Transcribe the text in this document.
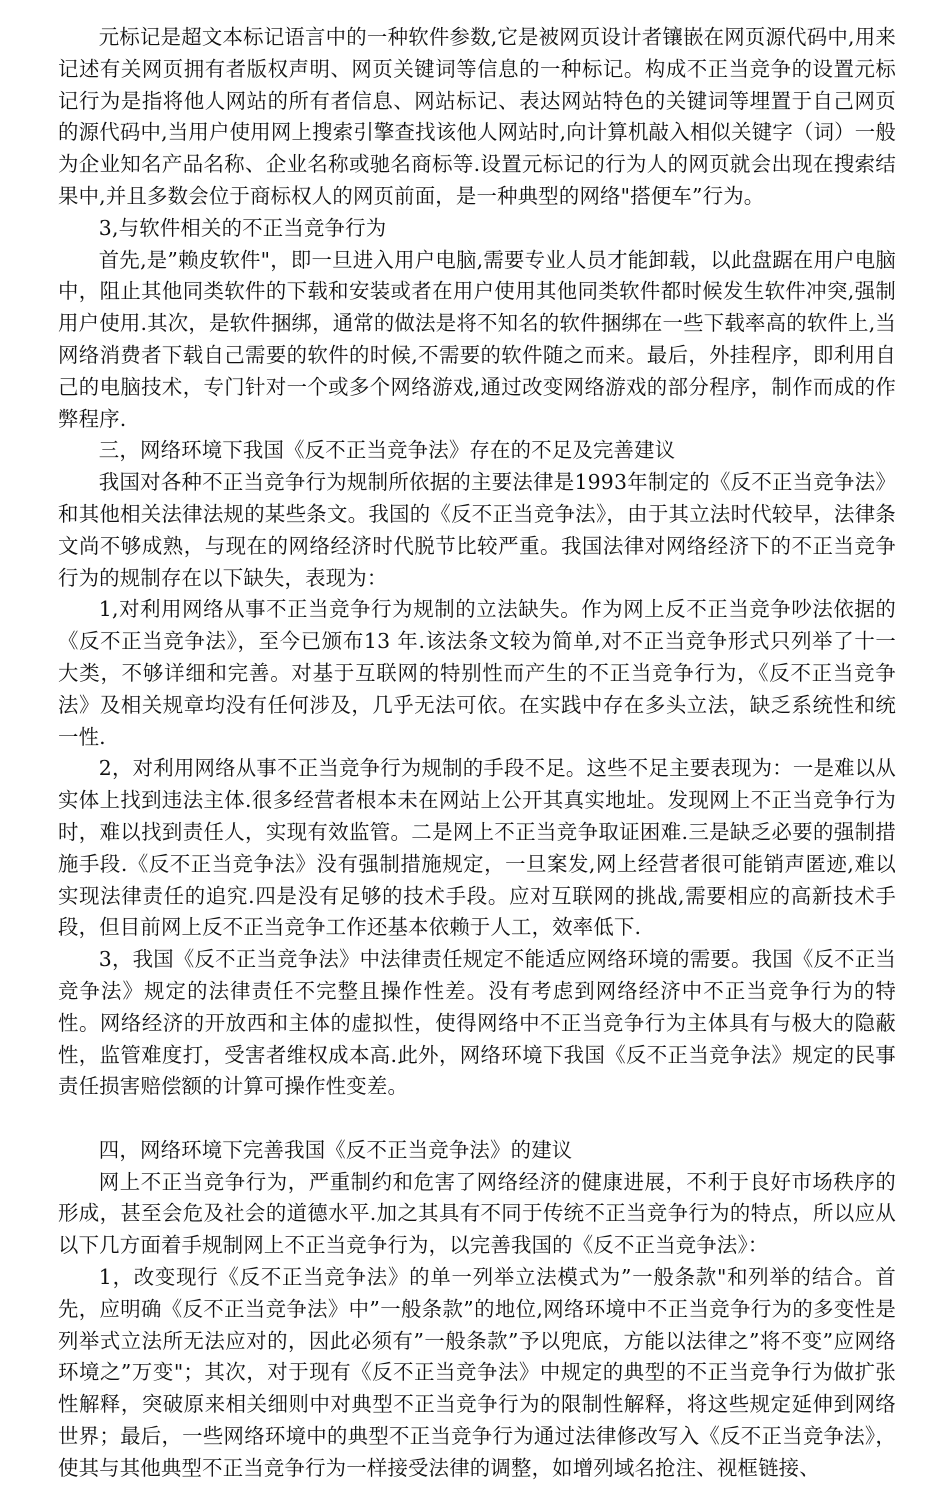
元标记是超文本标记语言中的一种软件参数,它是被网页设计者镶嵌在网页源代码中,用来记述有关网页拥有者版权声明、网页关键词等信息的一种标记。构成不正当竞争的设置元标记行为是指将他人网站的所有者信息、网站标记、表达网站特色的关键词等埋置于自己网页的源代码中,当用户使用网上搜索引擎查找该他人网站时,向计算机敲入相似关键字（词）一般为企业知名产品名称、企业名称或驰名商标等.设置元标记的行为人的网页就会出现在搜索结果中,并且多数会位于商标权人的网页前面，是一种典型的网络"搭便车”行为。

3,与软件相关的不正当竞争行为

首先,是”赖皮软件"，即一旦进入用户电脑,需要专业人员才能卸载，以此盘踞在用户电脑中，阻止其他同类软件的下载和安装或者在用户使用其他同类软件都时候发生软件冲突,强制用户使用.其次，是软件捆绑，通常的做法是将不知名的软件捆绑在一些下载率高的软件上,当网络消费者下载自己需要的软件的时候,不需要的软件随之而来。最后，外挂程序，即利用自己的电脑技术，专门针对一个或多个网络游戏,通过改变网络游戏的部分程序，制作而成的作弊程序.

三，网络环境下我国《反不正当竞争法》存在的不足及完善建议

我国对各种不正当竞争行为规制所依据的主要法律是1993年制定的《反不正当竞争法》和其他相关法律法规的某些条文。我国的《反不正当竞争法》，由于其立法时代较早，法律条文尚不够成熟，与现在的网络经济时代脱节比较严重。我国法律对网络经济下的不正当竞争行为的规制存在以下缺失，表现为：

1,对利用网络从事不正当竞争行为规制的立法缺失。作为网上反不正当竞争吵法依据的《反不正当竞争法》，至今已颁布13 年.该法条文较为简单,对不正当竞争形式只列举了十一大类，不够详细和完善。对基于互联网的特别性而产生的不正当竞争行为，《反不正当竞争法》及相关规章均没有任何涉及，几乎无法可依。在实践中存在多头立法，缺乏系统性和统一性.

2，对利用网络从事不正当竞争行为规制的手段不足。这些不足主要表现为：一是难以从实体上找到违法主体.很多经营者根本未在网站上公开其真实地址。发现网上不正当竞争行为时，难以找到责任人，实现有效监管。二是网上不正当竞争取证困难.三是缺乏必要的强制措施手段.《反不正当竞争法》没有强制措施规定，一旦案发,网上经营者很可能销声匿迹,难以实现法律责任的追究.四是没有足够的技术手段。应对互联网的挑战,需要相应的高新技术手段，但目前网上反不正当竞争工作还基本依赖于人工，效率低下.

3，我国《反不正当竞争法》中法律责任规定不能适应网络环境的需要。我国《反不正当竞争法》规定的法律责任不完整且操作性差。没有考虑到网络经济中不正当竞争行为的特性。网络经济的开放西和主体的虚拟性，使得网络中不正当竞争行为主体具有与极大的隐蔽性，监管难度打，受害者维权成本高.此外，网络环境下我国《反不正当竞争法》规定的民事责任损害赔偿额的计算可操作性变差。

四，网络环境下完善我国《反不正当竞争法》的建议

网上不正当竞争行为，严重制约和危害了网络经济的健康进展，不利于良好市场秩序的形成，甚至会危及社会的道德水平.加之其具有不同于传统不正当竞争行为的特点，所以应从以下几方面着手规制网上不正当竞争行为，以完善我国的《反不正当竞争法》：

1，改变现行《反不正当竞争法》的单一列举立法模式为”一般条款"和列举的结合。首先，应明确《反不正当竞争法》中”一般条款”的地位,网络环境中不正当竞争行为的多变性是列举式立法所无法应对的，因此必须有”一般条款”予以兜底，方能以法律之”将不变”应网络环境之”万变"；其次，对于现有《反不正当竞争法》中规定的典型的不正当竞争行为做扩张性解释，突破原来相关细则中对典型不正当竞争行为的限制性解释，将这些规定延伸到网络世界；最后，一些网络环境中的典型不正当竞争行为通过法律修改写入《反不正当竞争法》，使其与其他典型不正当竞争行为一样接受法律的调整，如增列域名抢注、视框链接、
